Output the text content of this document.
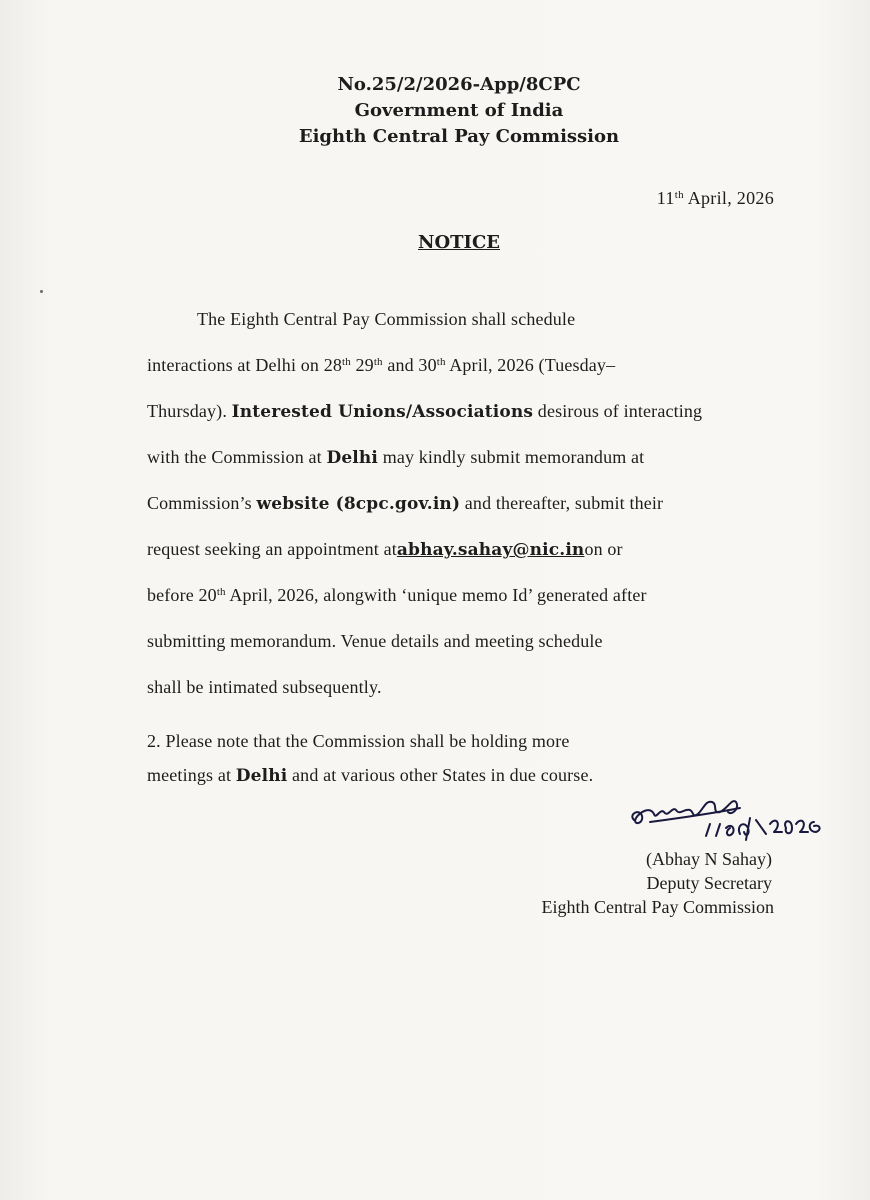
No.25/2/2026-App/8CPC
Government of India
Eighth Central Pay Commission
11th April, 2026
NOTICE
The Eighth Central Pay Commission shall schedule
interactions at Delhi on 28th 29th and 30th April, 2026 (Tuesday–
Thursday). Interested Unions/Associations desirous of interacting
with the Commission at Delhi may kindly submit memorandum at
Commission’s website (8cpc.gov.in) and thereafter, submit their
request seeking an appointment atabhay.sahay@nic.inon or
before 20th April, 2026, alongwith ‘unique memo Id’ generated after
submitting memorandum. Venue details and meeting schedule
shall be intimated subsequently.
2. Please note that the Commission shall be holding more
meetings at Delhi and at various other States in due course.
(Abhay N Sahay)
Deputy Secretary
Eighth Central Pay Commission
